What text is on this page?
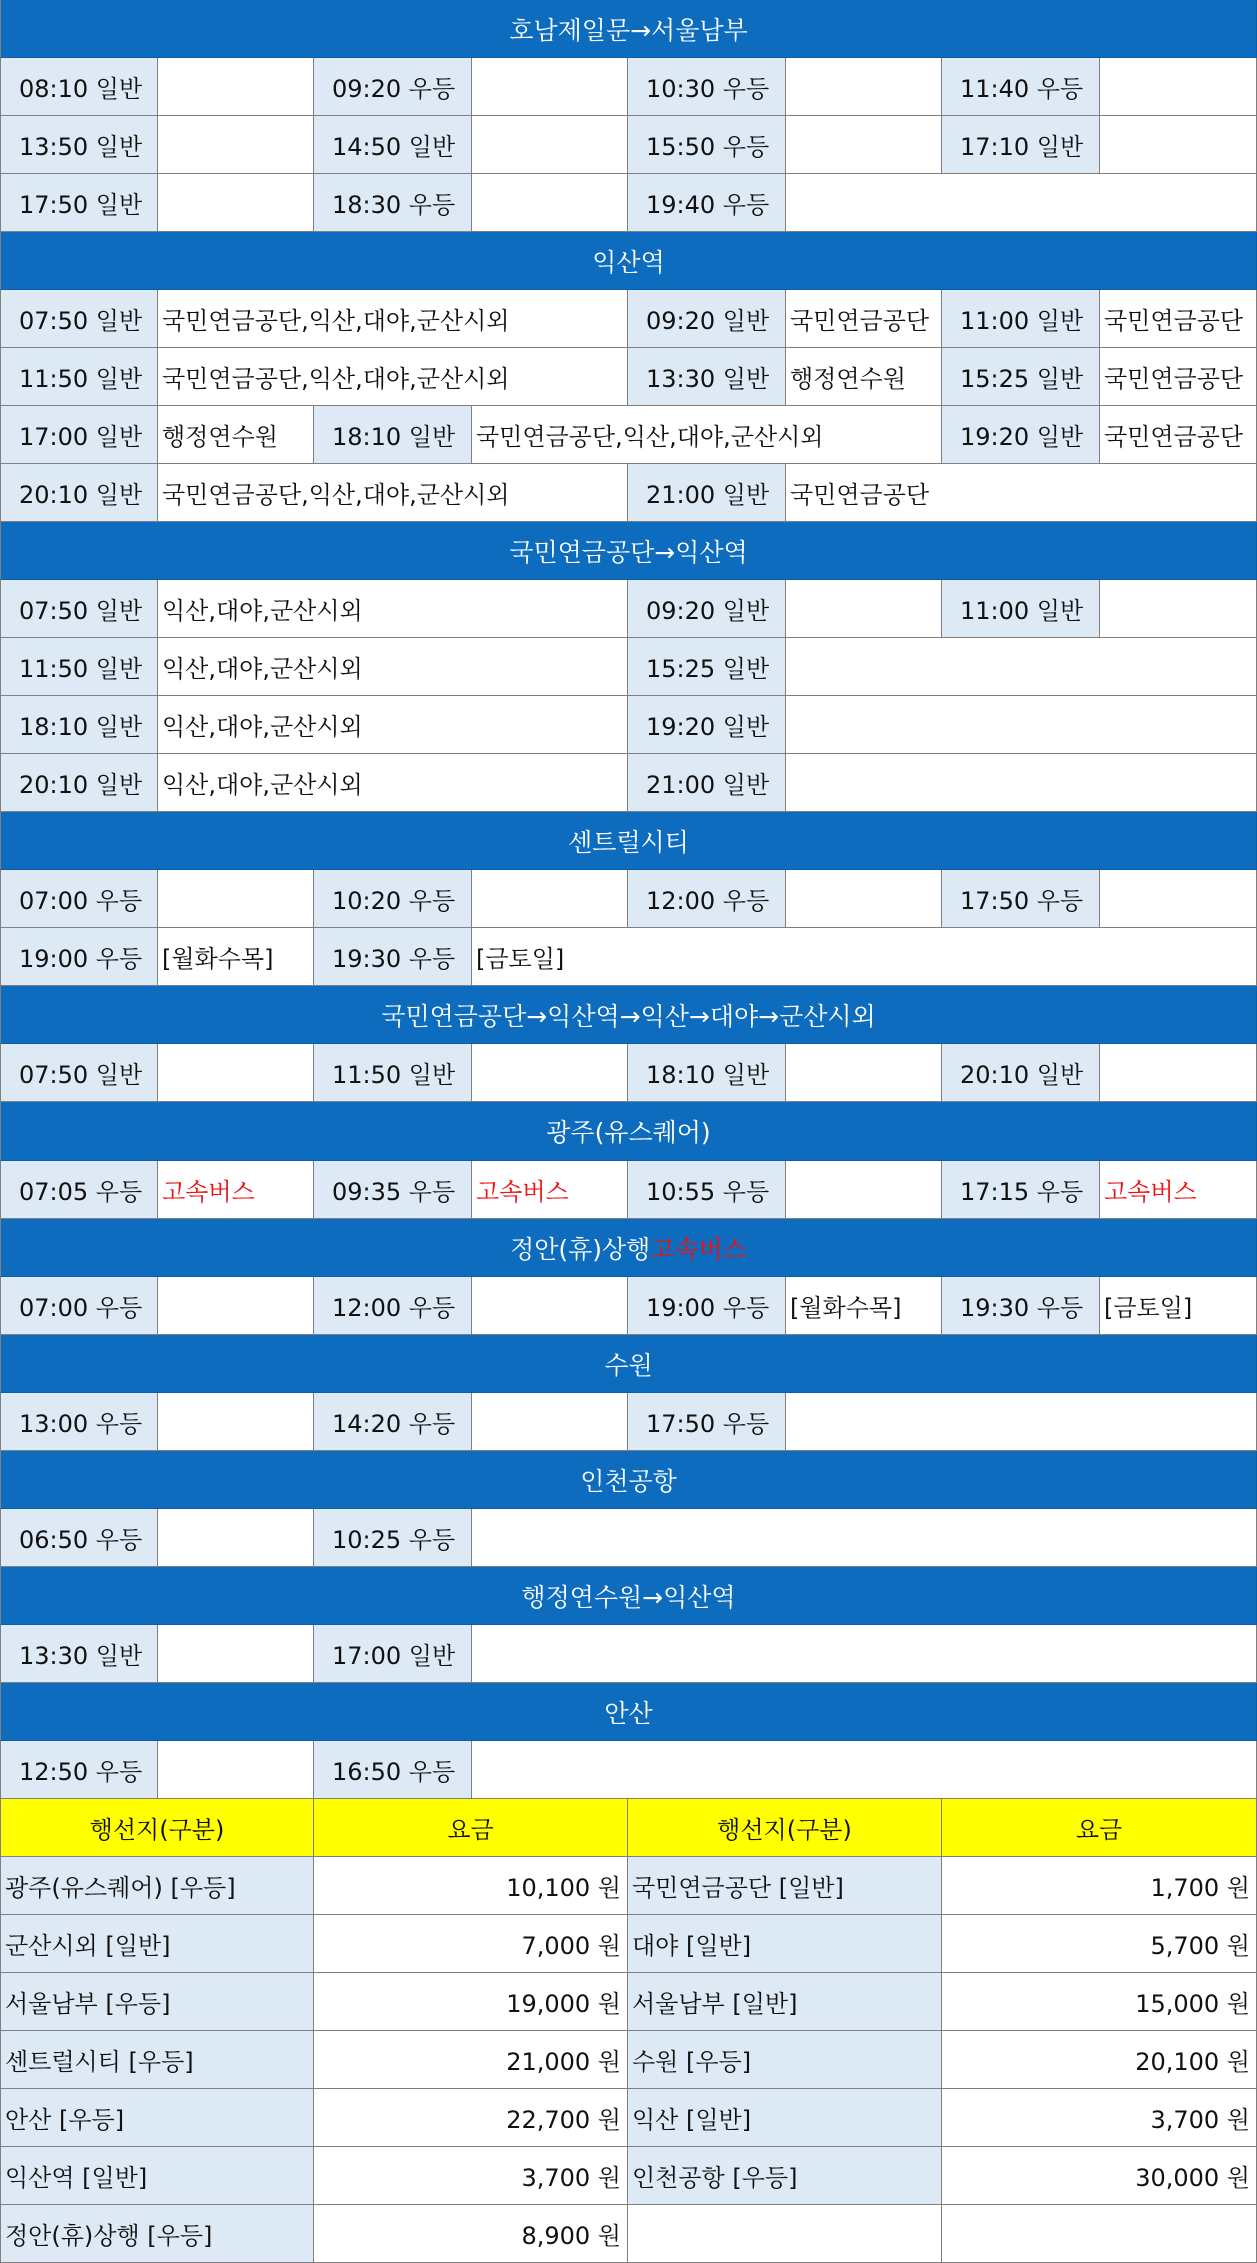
호남제일문→서울남부
08:10 일반	09:20 우등	10:30 우등	11:40 우등
13:50 일반	14:50 일반	15:50 우등	17:10 일반
17:50 일반	18:30 우등	19:40 우등
익산역
07:50 일반 국민연금공단,익산,대야,군산시외	09:20 일반 국민연금공단	11:00 일반 국민연금공단
11:50 일반 국민연금공단,익산,대야,군산시외	13:30 일반 행정연수원	15:25 일반 국민연금공단
17:00 일반 행정연수원	18:10 일반 국민연금공단,익산,대야,군산시외	19:20 일반 국민연금공단
20:10 일반 국민연금공단,익산,대야,군산시외	21:00 일반 국민연금공단
국민연금공단→익산역
07:50 일반 익산,대야,군산시외	09:20 일반	11:00 일반
11:50 일반 익산,대야,군산시외	15:25 일반
18:10 일반 익산,대야,군산시외	19:20 일반
20:10 일반 익산,대야,군산시외	21:00 일반
센트럴시티
07:00 우등	10:20 우등	12:00 우등	17:50 우등
19:00 우등 [월화수목]	19:30 우등 [금토일]
국민연금공단→익산역→익산→대야→군산시외
07:50 일반	11:50 일반	18:10 일반	20:10 일반
광주(유스퀘어)
07:05 우등 고속버스	09:35 우등 고속버스	10:55 우등	17:15 우등 고속버스
정안(휴)상행 고속버스
07:00 우등	12:00 우등	19:00 우등 [월화수목]	19:30 우등 [금토일]
수원
13:00 우등	14:20 우등	17:50 우등
인천공항
06:50 우등	10:25 우등
행정연수원→익산역
13:30 일반	17:00 일반
안산
12:50 우등	16:50 우등
행선지(구분)	요금	행선지(구분)	요금
광주(유스퀘어) [우등]	10,100 원 국민연금공단 [일반]	1,700 원
군산시외 [일반]	7,000 원 대야 [일반]	5,700 원
서울남부 [우등]	19,000 원 서울남부 [일반]	15,000 원
센트럴시티 [우등]	21,000 원 수원 [우등]	20,100 원
안산 [우등]	22,700 원 익산 [일반]	3,700 원
익산역 [일반]	3,700 원 인천공항 [우등]	30,000 원
정안(휴)상행 [우등]	8,900 원
